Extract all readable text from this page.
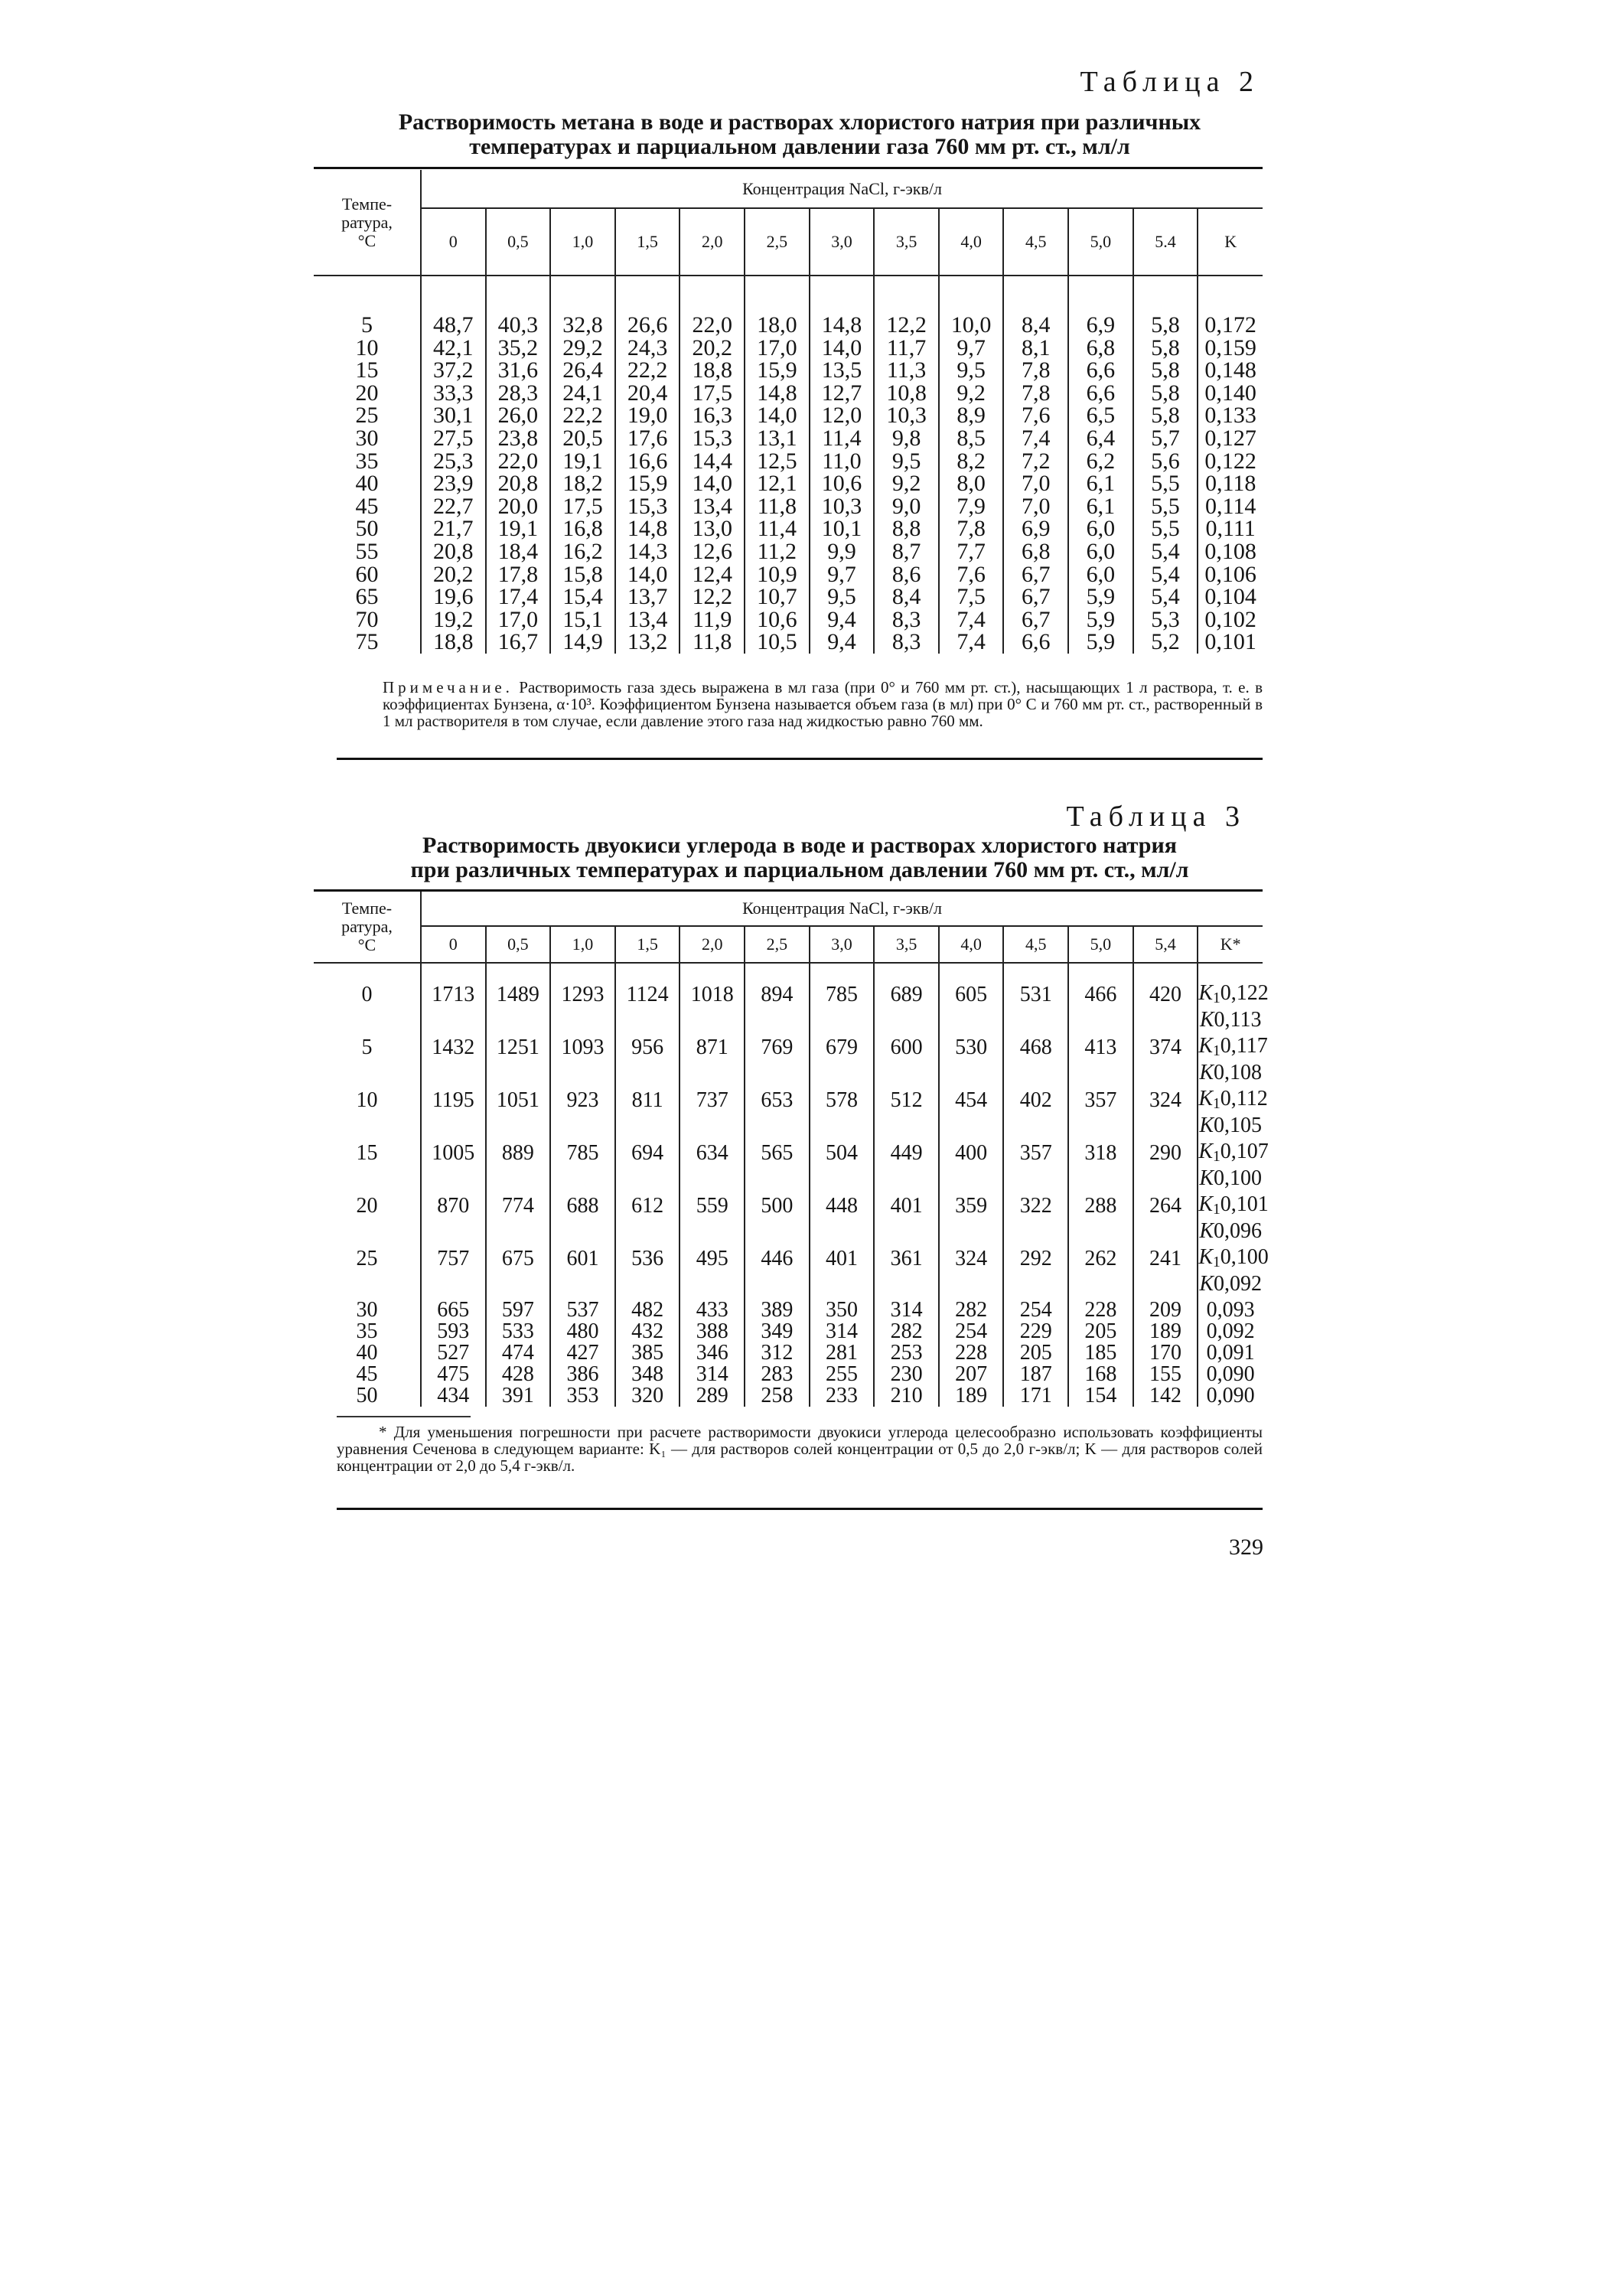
Таблица 2
Растворимость метана в воде и растворах хлористого натрия при различных
температурах и парциальном давлении газа 760 мм рт. ст., мл/л
Темпе-
ратура,
°С	Концентрация NaCl, г-экв/л												
	0	0,5	1,0	1,5	2,0	2,5	3,0	3,5	4,0	4,5	5,0	5.4	K

5	48,7	40,3	32,8	26,6	22,0	18,0	14,8	12,2	10,0	8,4	6,9	5,8	0,172
10	42,1	35,2	29,2	24,3	20,2	17,0	14,0	11,7	9,7	8,1	6,8	5,8	0,159
15	37,2	31,6	26,4	22,2	18,8	15,9	13,5	11,3	9,5	7,8	6,6	5,8	0,148
20	33,3	28,3	24,1	20,4	17,5	14,8	12,7	10,8	9,2	7,8	6,6	5,8	0,140
25	30,1	26,0	22,2	19,0	16,3	14,0	12,0	10,3	8,9	7,6	6,5	5,8	0,133
30	27,5	23,8	20,5	17,6	15,3	13,1	11,4	9,8	8,5	7,4	6,4	5,7	0,127
35	25,3	22,0	19,1	16,6	14,4	12,5	11,0	9,5	8,2	7,2	6,2	5,6	0,122
40	23,9	20,8	18,2	15,9	14,0	12,1	10,6	9,2	8,0	7,0	6,1	5,5	0,118
45	22,7	20,0	17,5	15,3	13,4	11,8	10,3	9,0	7,9	7,0	6,1	5,5	0,114
50	21,7	19,1	16,8	14,8	13,0	11,4	10,1	8,8	7,8	6,9	6,0	5,5	0,111
55	20,8	18,4	16,2	14,3	12,6	11,2	9,9	8,7	7,7	6,8	6,0	5,4	0,108
60	20,2	17,8	15,8	14,0	12,4	10,9	9,7	8,6	7,6	6,7	6,0	5,4	0,106
65	19,6	17,4	15,4	13,7	12,2	10,7	9,5	8,4	7,5	6,7	5,9	5,4	0,104
70	19,2	17,0	15,1	13,4	11,9	10,6	9,4	8,3	7,4	6,7	5,9	5,3	0,102
75	18,8	16,7	14,9	13,2	11,8	10,5	9,4	8,3	7,4	6,6	5,9	5,2	0,101
Примечание. Растворимость газа здесь выражена в мл газа (при 0° и 760 мм рт. ст.), насыщающих 1 л раствора, т. е. в коэффициентах Бунзена, α·10³. Коэффициентом Бунзена называется объем газа (в мл) при 0° С и 760 мм рт. ст., растворенный в 1 мл растворителя в том случае, если давление этого газа над жидкостью равно 760 мм.
Таблица 3
Растворимость двуокиси углерода в воде и растворах хлористого натрия
при различных температурах и парциальном давлении 760 мм рт. ст., мл/л
Темпе-
ратура,
°С	Концентрация NaCl, г-экв/л												
	0	0,5	1,0	1,5	2,0	2,5	3,0	3,5	4,0	4,5	5,0	5,4	K*

0	1713	1489	1293	1124	1018	894	785	689	605	531	466	420	$K_10,122$
K0,113

5	1432	1251	1093	956	871	769	679	600	530	468	413	374	$K_10,117$
K0,108

10	1195	1051	923	811	737	653	578	512	454	402	357	324	$K_10,112$
K0,105

15	1005	889	785	694	634	565	504	449	400	357	318	290	$K_10,107$
K0,100

20	870	774	688	612	559	500	448	401	359	322	288	264	$K_10,101$
K0,096

25	757	675	601	536	495	446	401	361	324	292	262	241	$K_10,100$
K0,092

30	665	597	537	482	433	389	350	314	282	254	228	209	0,093
35	593	533	480	432	388	349	314	282	254	229	205	189	0,092
40	527	474	427	385	346	312	281	253	228	205	185	170	0,091
45	475	428	386	348	314	283	255	230	207	187	168	155	0,090
50	434	391	353	320	289	258	233	210	189	171	154	142	0,090
* Для уменьшения погрешности при расчете растворимости двуокиси углерода целесообразно использовать коэффициенты уравнения Сеченова в следующем варианте: K₁ — для растворов солей концентрации от 0,5 до 2,0 г-экв/л; K — для растворов солей концентрации от 2,0 до 5,4 г-экв/л.
329
